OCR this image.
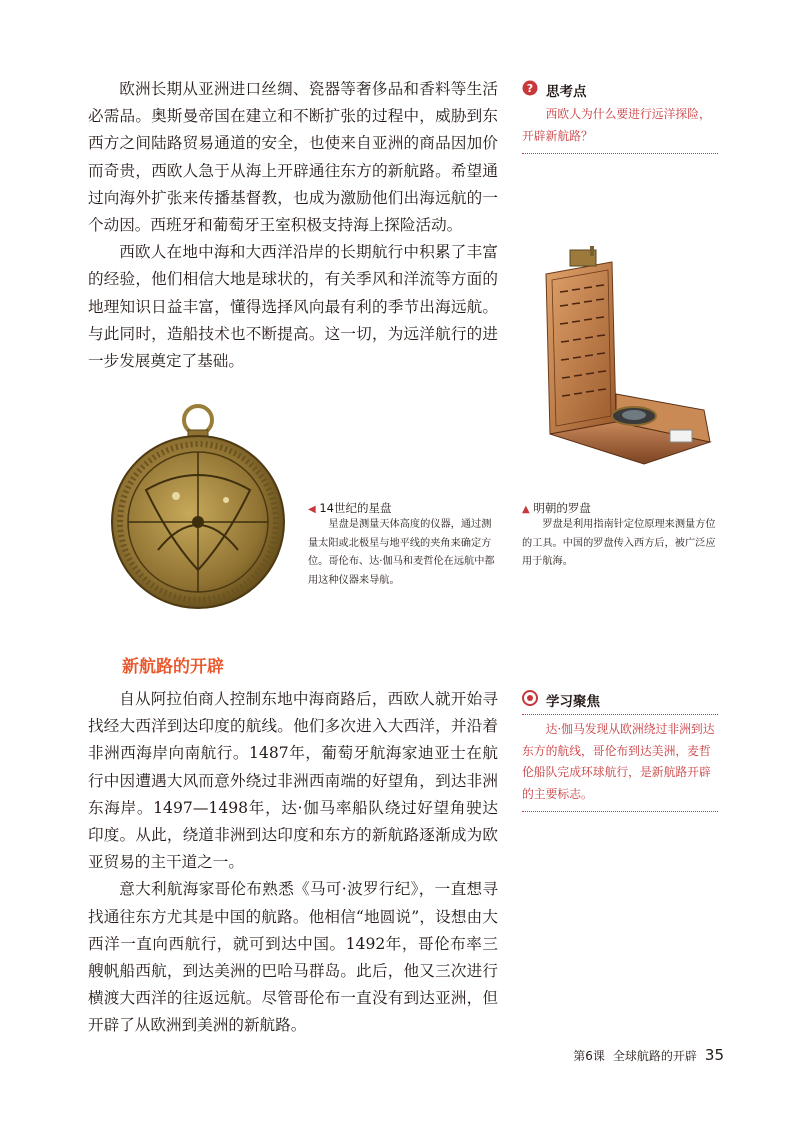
欧洲长期从亚洲进口丝绸、瓷器等奢侈品和香料等生活必需品。奥斯曼帝国在建立和不断扩张的过程中，威胁到东西方之间陆路贸易通道的安全，也使来自亚洲的商品因加价而奇贵，西欧人急于从海上开辟通往东方的新航路。希望通过向海外扩张来传播基督教，也成为激励他们出海远航的一个动因。西班牙和葡萄牙王室积极支持海上探险活动。

西欧人在地中海和大西洋沿岸的长期航行中积累了丰富的经验，他们相信大地是球状的，有关季风和洋流等方面的地理知识日益丰富，懂得选择风向最有利的季节出海远航。与此同时，造船技术也不断提高。这一切，为远洋航行的进一步发展奠定了基础。

? 思考点
西欧人为什么要进行远洋探险，开辟新航路？
◀ 14世纪的星盘
星盘是测量天体高度的仪器，通过测量太阳或北极星与地平线的夹角来确定方位。哥伦布、达·伽马和麦哲伦在远航中都用这种仪器来导航。
▲ 明朝的罗盘
罗盘是利用指南针定位原理来测量方位的工具。中国的罗盘传入西方后，被广泛应用于航海。
新航路的开辟

自从阿拉伯商人控制东地中海商路后，西欧人就开始寻找经大西洋到达印度的航线。他们多次进入大西洋，并沿着非洲西海岸向南航行。1487年，葡萄牙航海家迪亚士在航行中因遭遇大风而意外绕过非洲西南端的好望角，到达非洲东海岸。1497—1498年，达·伽马率船队绕过好望角驶达印度。从此，绕道非洲到达印度和东方的新航路逐渐成为欧亚贸易的主干道之一。

意大利航海家哥伦布熟悉《马可·波罗行纪》，一直想寻找通往东方尤其是中国的航路。他相信“地圆说”，设想由大西洋一直向西航行，就可到达中国。1492年，哥伦布率三艘帆船西航，到达美洲的巴哈马群岛。此后，他又三次进行横渡大西洋的往返远航。尽管哥伦布一直没有到达亚洲，但开辟了从欧洲到美洲的新航路。

学习聚焦
达·伽马发现从欧洲绕过非洲到达东方的航线，哥伦布到达美洲，麦哲伦船队完成环球航行，是新航路开辟的主要标志。
第6课 全球航路的开辟 35
